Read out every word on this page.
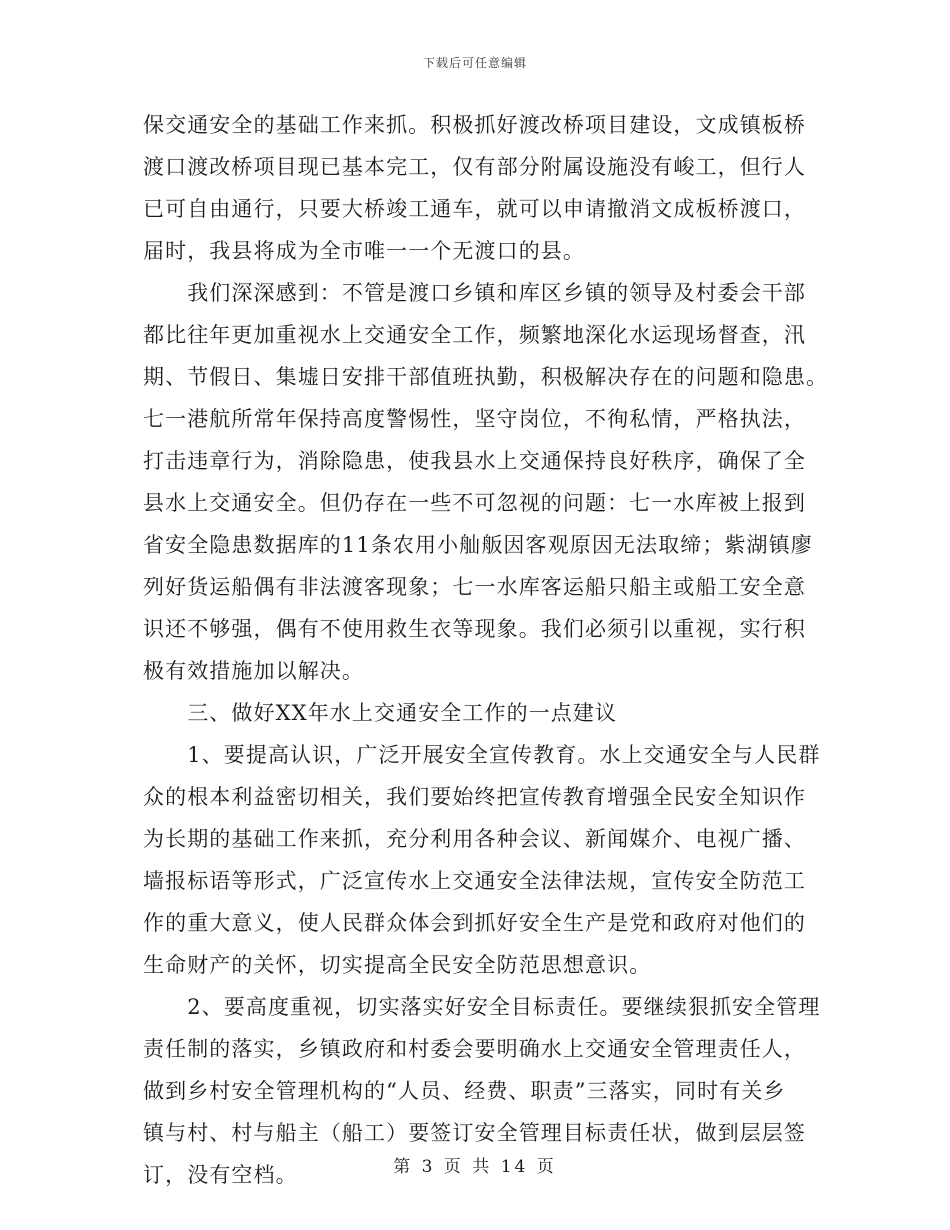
下载后可任意编辑
保交通安全的基础工作来抓。积极抓好渡改桥项目建设，文成镇板桥
渡口渡改桥项目现已基本完工，仅有部分附属设施没有峻工，但行人
已可自由通行，只要大桥竣工通车，就可以申请撤消文成板桥渡口，
届时，我县将成为全市唯一一个无渡口的县。
　　我们深深感到：不管是渡口乡镇和库区乡镇的领导及村委会干部
都比往年更加重视水上交通安全工作，频繁地深化水运现场督查，汛
期、节假日、集墟日安排干部值班执勤，积极解决存在的问题和隐患。
七一港航所常年保持高度警惕性，坚守岗位，不徇私情，严格执法，
打击违章行为，消除隐患，使我县水上交通保持良好秩序，确保了全
县水上交通安全。但仍存在一些不可忽视的问题：七一水库被上报到
省安全隐患数据库的11条农用小舢舨因客观原因无法取缔；紫湖镇廖
列好货运船偶有非法渡客现象；七一水库客运船只船主或船工安全意
识还不够强，偶有不使用救生衣等现象。我们必须引以重视，实行积
极有效措施加以解决。
　　三、做好XX年水上交通安全工作的一点建议
　　1、要提高认识，广泛开展安全宣传教育。水上交通安全与人民群
众的根本利益密切相关，我们要始终把宣传教育增强全民安全知识作
为长期的基础工作来抓，充分利用各种会议、新闻媒介、电视广播、
墙报标语等形式，广泛宣传水上交通安全法律法规，宣传安全防范工
作的重大意义，使人民群众体会到抓好安全生产是党和政府对他们的
生命财产的关怀，切实提高全民安全防范思想意识。
　　2、要高度重视，切实落实好安全目标责任。要继续狠抓安全管理
责任制的落实，乡镇政府和村委会要明确水上交通安全管理责任人，
做到乡村安全管理机构的“人员、经费、职责”三落实，同时有关乡
镇与村、村与船主（船工）要签订安全管理目标责任状，做到层层签
订，没有空档。	第 3 页 共 14 页
